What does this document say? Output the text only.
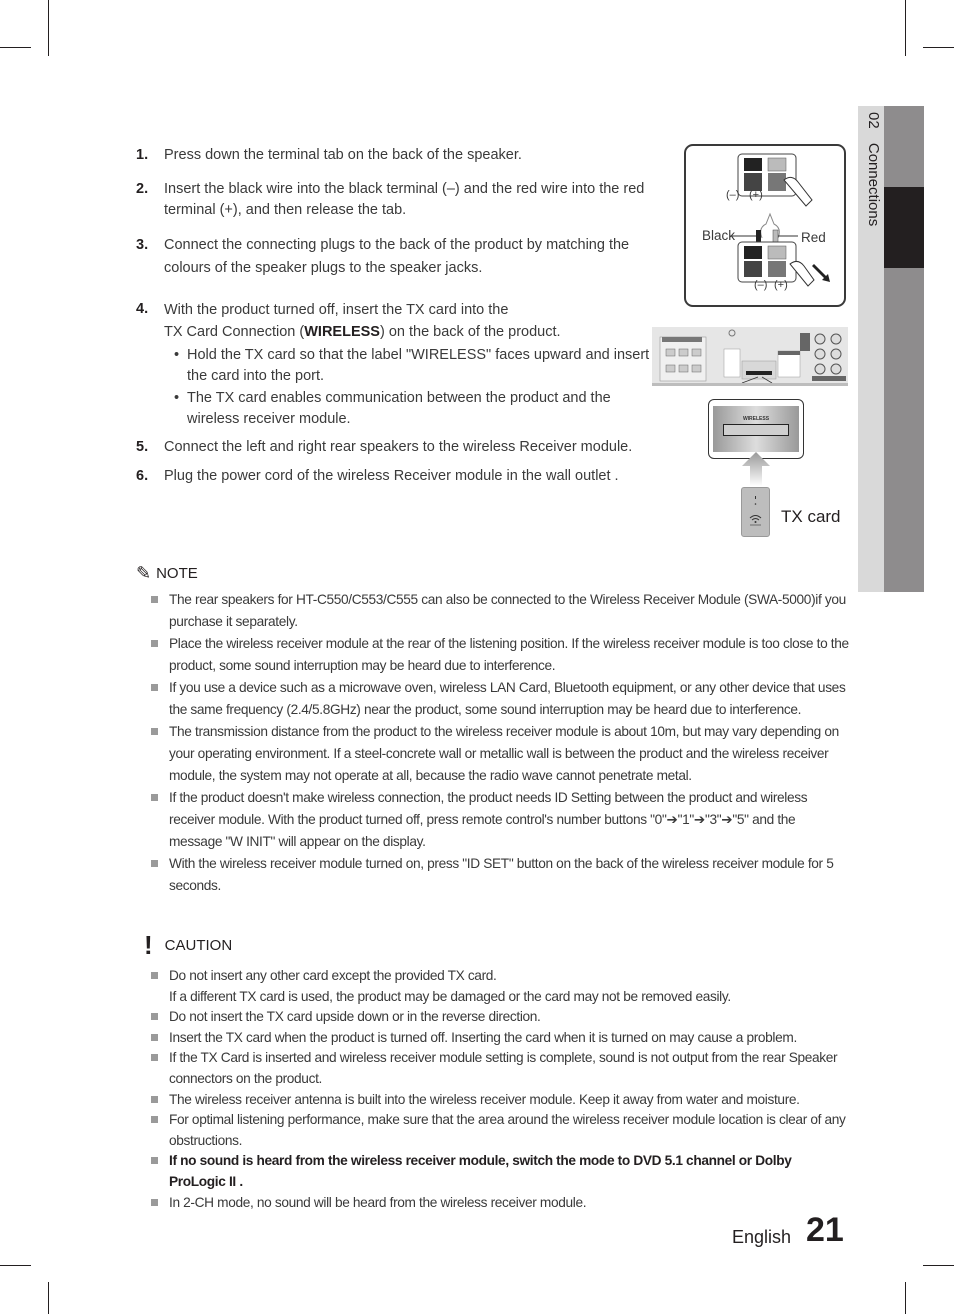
02 Connections
1.	Press down the terminal tab on the back of the speaker.
2.	Insert the black wire into the black terminal (–) and the red wire into the red terminal (+), and then release the tab.
3.	Connect the connecting plugs to the back of the product by matching the colours of the speaker plugs to the speaker jacks.
4.	With the product turned off, insert the TX card into the
TX Card Connection (WIRELESS) on the back of the product.
• Hold the TX card so that the label "WIRELESS" faces upward and insert the card into the port.
• The TX card enables communication between the product and the wireless receiver module.
5.	Connect the left and right rear speakers to the wireless Receiver module.
6.	Plug the power cord of the wireless Receiver module in the wall outlet .
(–) (+)
Black	Red
(–) (+)
WIRELESS
TX card
✎ NOTE
The rear speakers for HT-C550/C553/C555 can also be connected to the Wireless Receiver Module (SWA-5000)if you purchase it separately.
Place the wireless receiver module at the rear of the listening position. If the wireless receiver module is too close to the product, some sound interruption may be heard due to interference.
If you use a device such as a microwave oven, wireless LAN Card, Bluetooth equipment, or any other device that uses the same frequency (2.4/5.8GHz) near the product, some sound interruption may be heard due to interference.
The transmission distance from the product to the wireless receiver module is about 10m, but may vary depending on your operating environment. If a steel-concrete wall or metallic wall is between the product and the wireless receiver module, the system may not operate at all, because the radio wave cannot penetrate metal.
If the product doesn't make wireless connection, the product needs ID Setting between the product and wireless receiver module. With the product turned off, press remote control's number buttons "0"➔"1"➔"3"➔"5" and the message "W INIT" will appear on the display.
With the wireless receiver module turned on, press "ID SET" button on the back of the wireless receiver module for 5 seconds.
! CAUTION
Do not insert any other card except the provided TX card.
If a different TX card is used, the product may be damaged or the card may not be removed easily.
Do not insert the TX card upside down or in the reverse direction.
Insert the TX card when the product is turned off. Inserting the card when it is turned on may cause a problem.
If the TX Card is inserted and wireless receiver module setting is complete, sound is not output from the rear Speaker connectors on the product.
The wireless receiver antenna is built into the wireless receiver module. Keep it away from water and moisture.
For optimal listening performance, make sure that the area around the wireless receiver module location is clear of any obstructions.
If no sound is heard from the wireless receiver module, switch the mode to DVD 5.1 channel or Dolby ProLogic II .
In 2-CH mode, no sound will be heard from the wireless receiver module.
English 21
